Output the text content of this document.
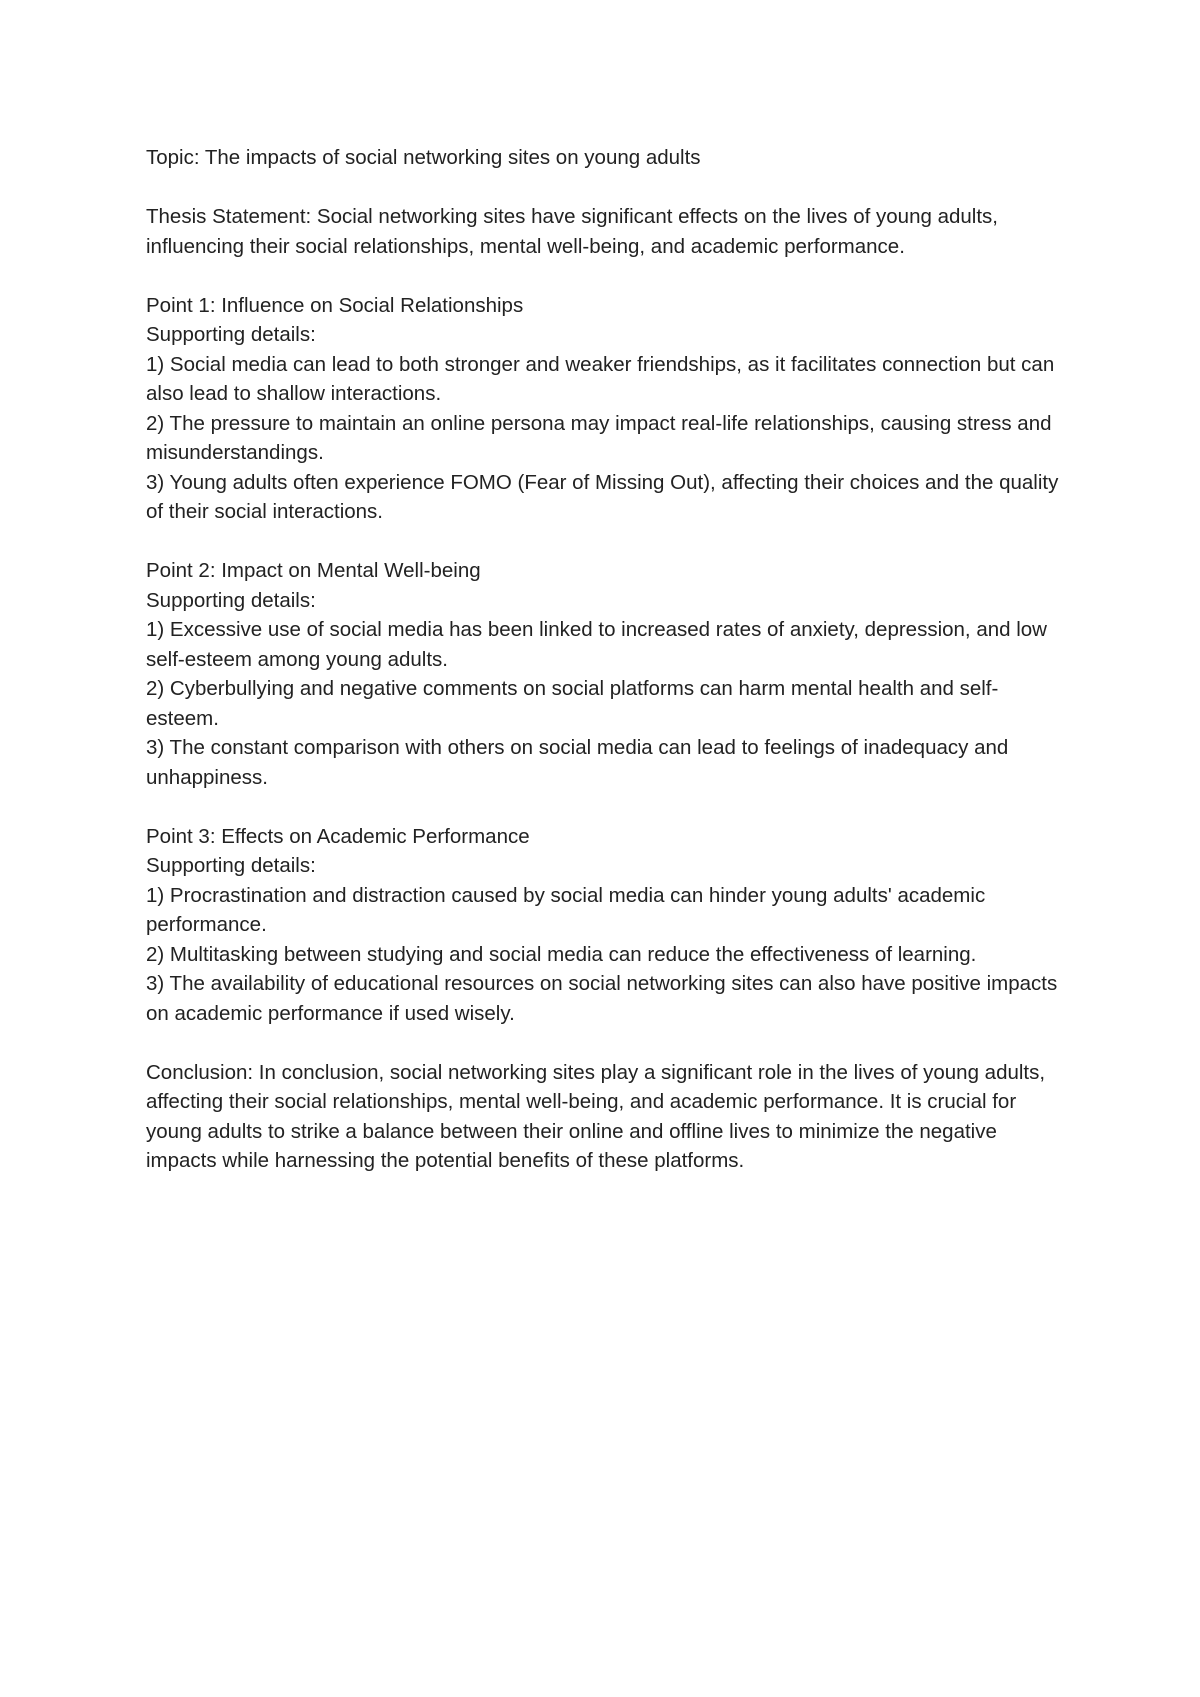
Topic: The impacts of social networking sites on young adults

Thesis Statement: Social networking sites have significant effects on the lives of young adults, influencing their social relationships, mental well-being, and academic performance.

Point 1: Influence on Social Relationships

Supporting details:

1) Social media can lead to both stronger and weaker friendships, as it facilitates connection but can also lead to shallow interactions.

2) The pressure to maintain an online persona may impact real-life relationships, causing stress and misunderstandings.

3) Young adults often experience FOMO (Fear of Missing Out), affecting their choices and the quality of their social interactions.

Point 2: Impact on Mental Well-being

Supporting details:

1) Excessive use of social media has been linked to increased rates of anxiety, depression, and low self-esteem among young adults.

2) Cyberbullying and negative comments on social platforms can harm mental health and self-esteem.

3) The constant comparison with others on social media can lead to feelings of inadequacy and unhappiness.

Point 3: Effects on Academic Performance

Supporting details:

1) Procrastination and distraction caused by social media can hinder young adults' academic performance.

2) Multitasking between studying and social media can reduce the effectiveness of learning.

3) The availability of educational resources on social networking sites can also have positive impacts on academic performance if used wisely.

Conclusion: In conclusion, social networking sites play a significant role in the lives of young adults, affecting their social relationships, mental well-being, and academic performance. It is crucial for young adults to strike a balance between their online and offline lives to minimize the negative impacts while harnessing the potential benefits of these platforms.
